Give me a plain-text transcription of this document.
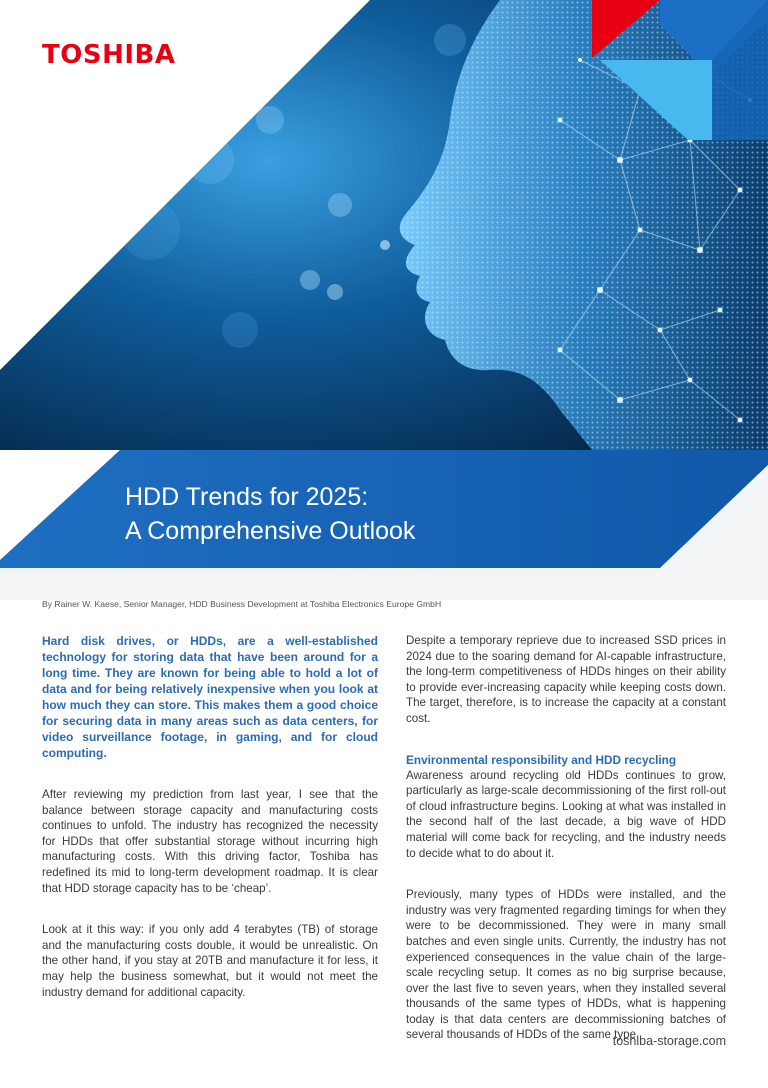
TOSHIBA
HDD Trends for 2025:
A Comprehensive Outlook
By Rainer W. Kaese, Senior Manager, HDD Business Development at Toshiba Electronics Europe GmbH

Hard disk drives, or HDDs, are a well-established technology for storing data that have been around for a long time. They are known for being able to hold a lot of data and for being relatively inexpensive when you look at how much they can store. This makes them a good choice for securing data in many areas such as data centers, for video surveillance footage, in gaming, and for cloud computing.

After reviewing my prediction from last year, I see that the balance between storage capacity and manufacturing costs continues to unfold. The industry has recognized the necessity for HDDs that offer substantial storage without incurring high manufacturing costs. With this driving factor, Toshiba has redefined its mid to long-term development roadmap. It is clear that HDD storage capacity has to be ‘cheap’.

Look at it this way: if you only add 4 terabytes (TB) of storage and the manufacturing costs double, it would be unrealistic. On the other hand, if you stay at 20TB and manufacture it for less, it may help the business somewhat, but it would not meet the industry demand for additional capacity.

Despite a temporary reprieve due to increased SSD prices in 2024 due to the soaring demand for AI-capable infrastructure, the long-term competitiveness of HDDs hinges on their ability to provide ever-increasing capacity while keeping costs down. The target, therefore, is to increase the capacity at a constant cost.

Environmental responsibility and HDD recycling

Awareness around recycling old HDDs continues to grow, particularly as large-scale decommissioning of the first roll-out of cloud infrastructure begins. Looking at what was installed in the second half of the last decade, a big wave of HDD material will come back for recycling, and the industry needs to decide what to do about it.

Previously, many types of HDDs were installed, and the industry was very fragmented regarding timings for when they were to be decommissioned. They were in many small batches and even single units. Currently, the industry has not experienced consequences in the value chain of the large-scale recycling setup. It comes as no big surprise because, over the last five to seven years, when they installed several thousands of the same types of HDDs, what is happening today is that data centers are decommissioning batches of several thousands of HDDs of the same type.

toshiba-storage.com
